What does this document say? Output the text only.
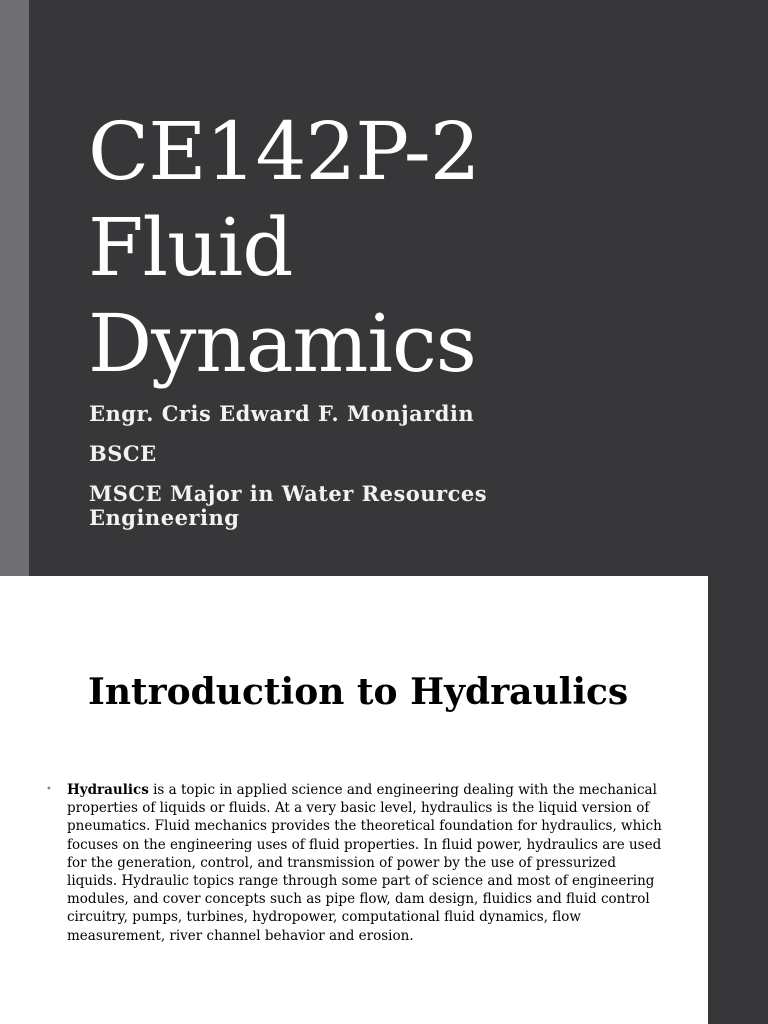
CE142P-2
Fluid
Dynamics
Engr. Cris Edward F. Monjardin
BSCE
MSCE Major in Water Resources Engineering
Introduction to Hydraulics
• Hydraulics is a topic in applied science and engineering dealing with the mechanical properties of liquids or fluids. At a very basic level, hydraulics is the liquid version of pneumatics. Fluid mechanics provides the theoretical foundation for hydraulics, which focuses on the engineering uses of fluid properties. In fluid power, hydraulics are used for the generation, control, and transmission of power by the use of pressurized liquids. Hydraulic topics range through some part of science and most of engineering modules, and cover concepts such as pipe flow, dam design, fluidics and fluid control circuitry, pumps, turbines, hydropower, computational fluid dynamics, flow measurement, river channel behavior and erosion.
